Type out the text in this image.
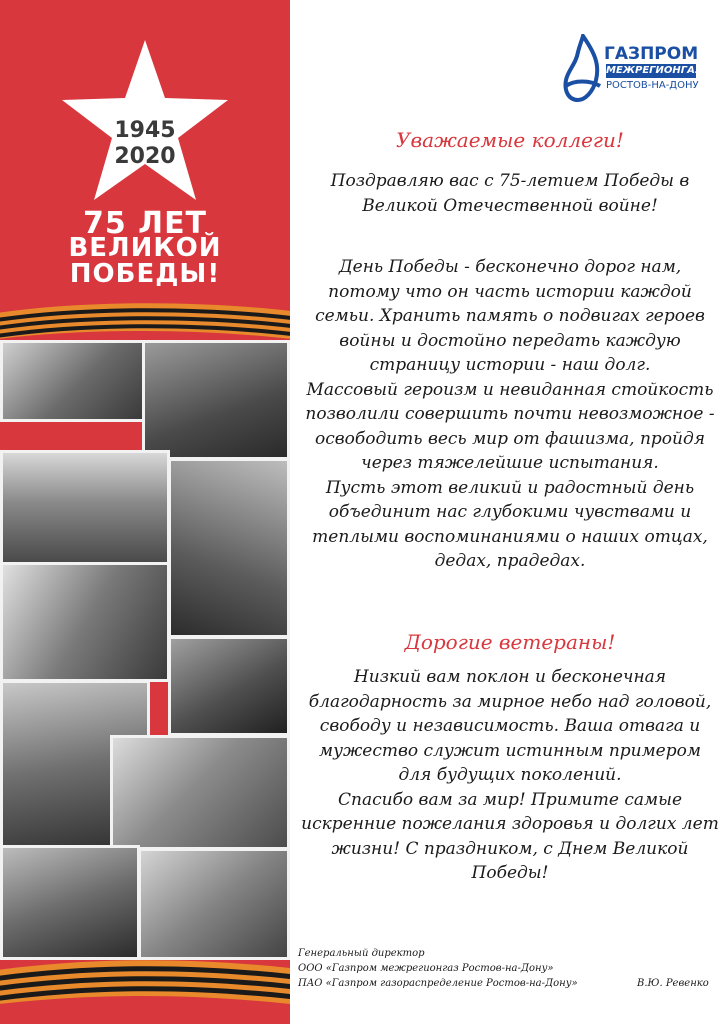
1945
2020
75 ЛЕТ
ВЕЛИКОЙ
ПОБЕДЫ!
ГАЗПРОМ
МЕЖРЕГИОНГАЗ
РОСТОВ-НА-ДОНУ
Уважаемые коллеги!
Поздравляю вас с 75-летием Победы в
Великой Отечественной войне!
День Победы - бесконечно дорог нам,
потому что он часть истории каждой
семьи. Хранить память о подвигах героев
войны и достойно передать каждую
страницу истории - наш долг.
Массовый героизм и невиданная стойкость
позволили совершить почти невозможное -
освободить весь мир от фашизма, пройдя
через тяжелейшие испытания.
Пусть этот великий и радостный день
объединит нас глубокими чувствами и
теплыми воспоминаниями о наших отцах,
дедах, прадедах.
Дорогие ветераны!
Низкий вам поклон и бесконечная
благодарность за мирное небо над головой,
свободу и независимость. Ваша отвага и
мужество служит истинным примером
для будущих поколений.
Спасибо вам за мир! Примите самые
искренние пожелания здоровья и долгих лет
жизни! С праздником, с Днем Великой
Победы!
Генеральный директор
ООО «Газпром межрегионгаз Ростов-на-Дону»
ПАО «Газпром газораспределение Ростов-на-Дону»	В.Ю. Ревенко
